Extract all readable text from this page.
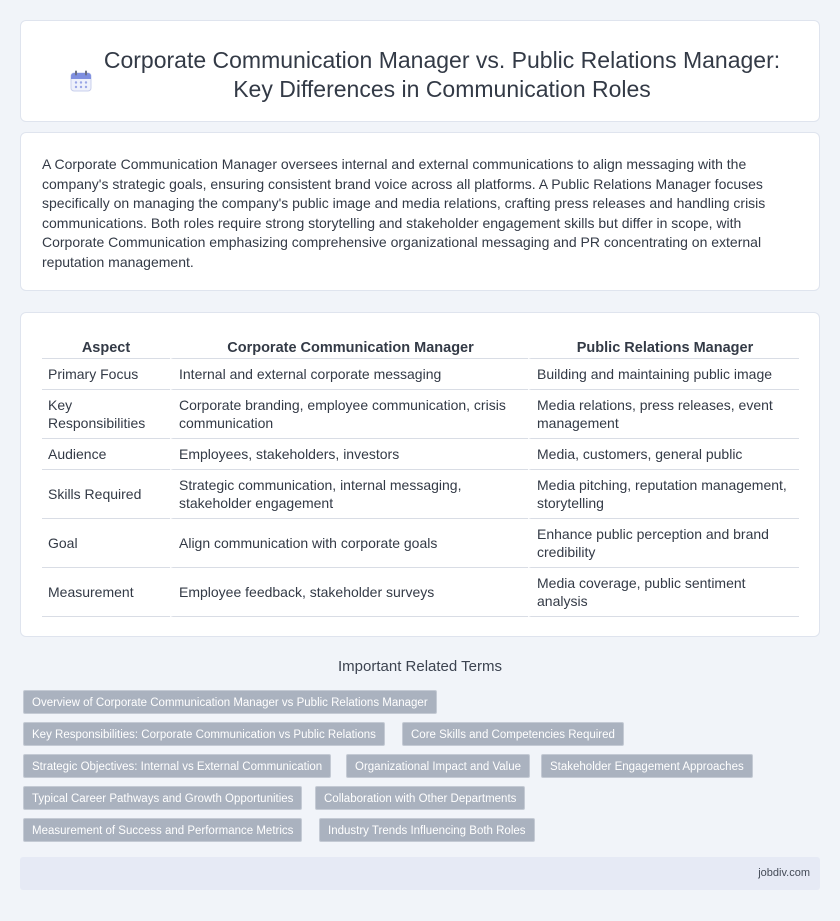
Corporate Communication Manager vs. Public Relations Manager: Key Differences in Communication Roles

A Corporate Communication Manager oversees internal and external communications to align messaging with the company's strategic goals, ensuring consistent brand voice across all platforms. A Public Relations Manager focuses specifically on managing the company's public image and media relations, crafting press releases and handling crisis communications. Both roles require strong storytelling and stakeholder engagement skills but differ in scope, with Corporate Communication emphasizing comprehensive organizational messaging and PR concentrating on external reputation management.

Aspect	Corporate Communication Manager	Public Relations Manager
Primary Focus	Internal and external corporate messaging	Building and maintaining public image
Key Responsibilities	Corporate branding, employee communication, crisis communication	Media relations, press releases, event management
Audience	Employees, stakeholders, investors	Media, customers, general public
Skills Required	Strategic communication, internal messaging, stakeholder engagement	Media pitching, reputation management, storytelling
Goal	Align communication with corporate goals	Enhance public perception and brand credibility
Measurement	Employee feedback, stakeholder surveys	Media coverage, public sentiment analysis
Important Related Terms
Overview of Corporate Communication Manager vs Public Relations Manager
Key Responsibilities: Corporate Communication vs Public Relations	Core Skills and Competencies Required
Strategic Objectives: Internal vs External Communication	Organizational Impact and Value	Stakeholder Engagement Approaches
Typical Career Pathways and Growth Opportunities	Collaboration with Other Departments
Measurement of Success and Performance Metrics	Industry Trends Influencing Both Roles
jobdiv.com
